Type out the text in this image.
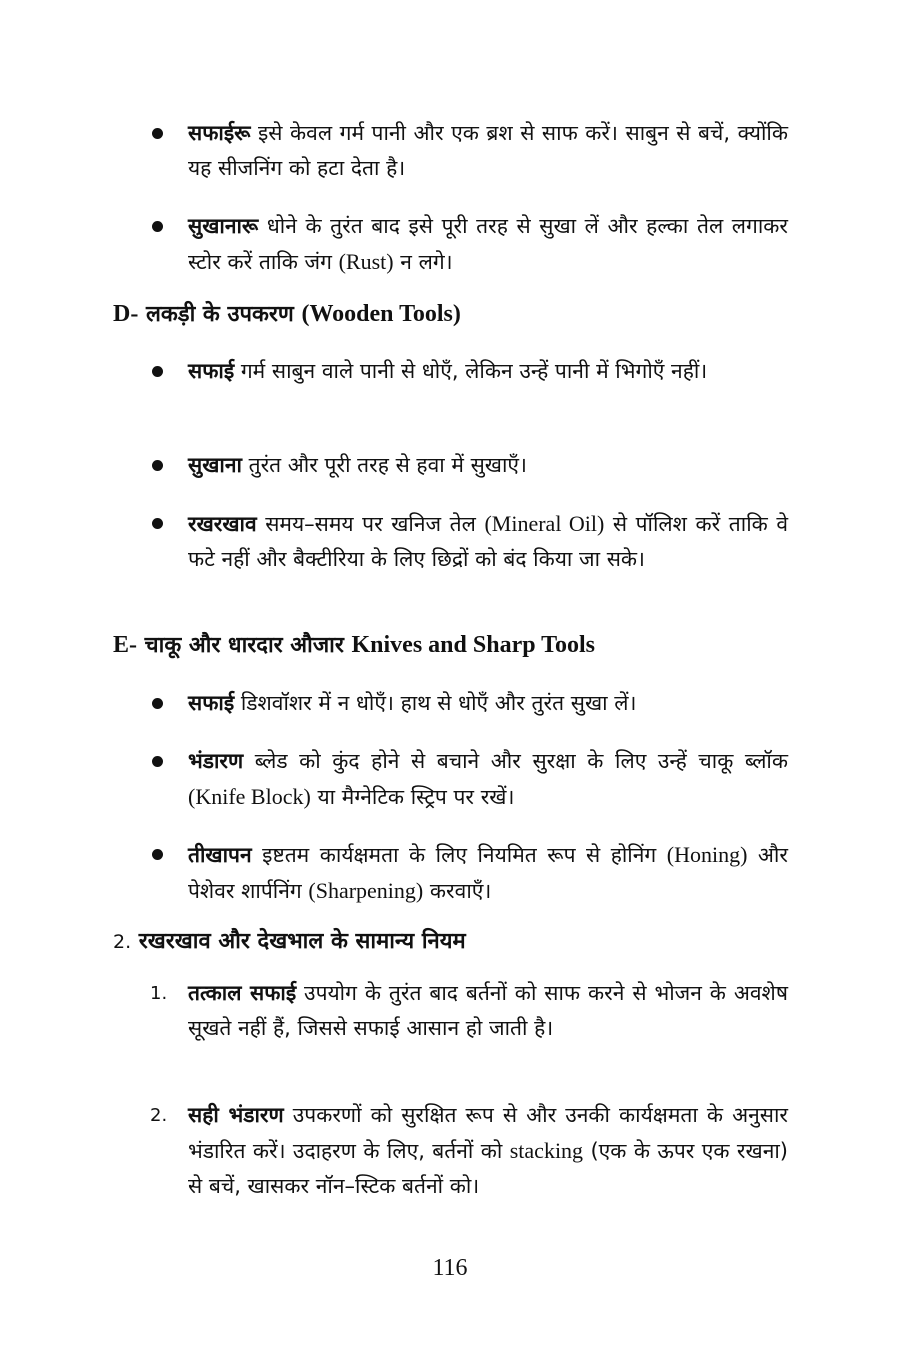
सफाईरू इसे केवल गर्म पानी और एक ब्रश से साफ करें। साबुन से बचें, क्योंकि यह सीजनिंग को हटा देता है।
सुखानारू धोने के तुरंत बाद इसे पूरी तरह से सुखा लें और हल्का तेल लगाकर स्टोर करें ताकि जंग (Rust) न लगे।
D- लकड़ी के उपकरण (Wooden Tools)
सफाई गर्म साबुन वाले पानी से धोएँ, लेकिन उन्हें पानी में भिगोएँ नहीं।
सुखाना तुरंत और पूरी तरह से हवा में सुखाएँ।
रखरखाव समय–समय पर खनिज तेल (Mineral Oil) से पॉलिश करें ताकि वे फटे नहीं और बैक्टीरिया के लिए छिद्रों को बंद किया जा सके।
E- चाकू और धारदार औजार Knives and Sharp Tools
सफाई डिशवॉशर में न धोएँ। हाथ से धोएँ और तुरंत सुखा लें।
भंडारण ब्लेड को कुंद होने से बचाने और सुरक्षा के लिए उन्हें चाकू ब्लॉक (Knife Block) या मैग्नेटिक स्ट्रिप पर रखें।
तीखापन इष्टतम कार्यक्षमता के लिए नियमित रूप से होनिंग (Honing) और पेशेवर शार्पनिंग (Sharpening) करवाएँ।
2. रखरखाव और देखभाल के सामान्य नियम
1. तत्काल सफाई उपयोग के तुरंत बाद बर्तनों को साफ करने से भोजन के अवशेष सूखते नहीं हैं, जिससे सफाई आसान हो जाती है।
2. सही भंडारण उपकरणों को सुरक्षित रूप से और उनकी कार्यक्षमता के अनुसार भंडारित करें। उदाहरण के लिए, बर्तनों को stacking (एक के ऊपर एक रखना) से बचें, खासकर नॉन–स्टिक बर्तनों को।
116
